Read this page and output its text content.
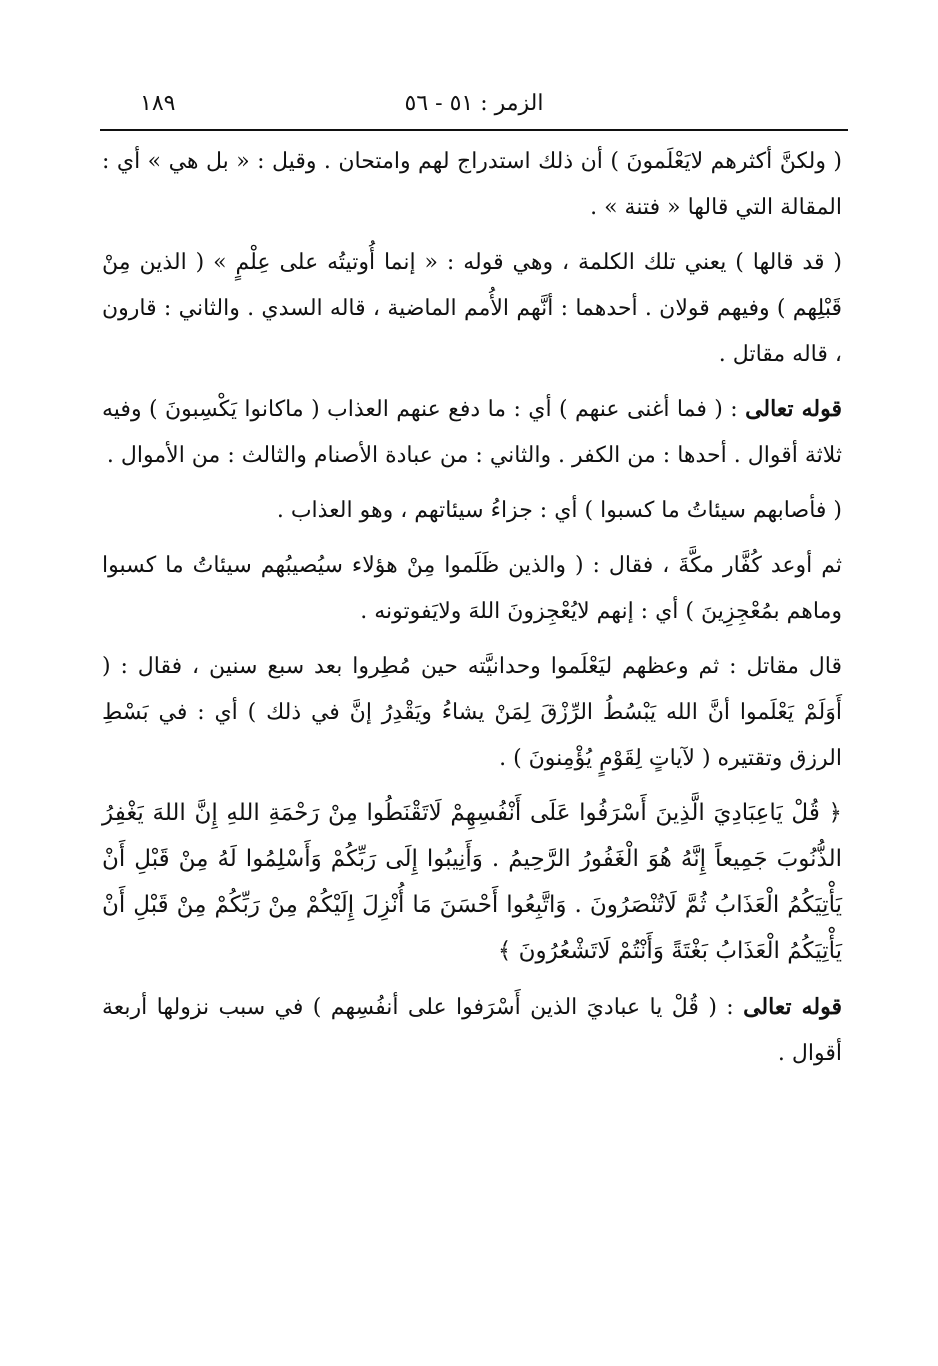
الزمر : ٥١ - ٥٦
١٨٩

( ولكنَّ أكثرهم لايَعْلَمونَ ) أن ذلك استدراج لهم وامتحان . وقيل : « بل هي » أي : المقالة التي قالها « فتنة » .

( قد قالها ) يعني تلك الكلمة ، وهي قوله : « إنما أُوتيتُه على عِلْمٍ » ( الذين مِنْ قَبْلِهم ) وفيهم قولان . أحدهما : أنَّهم الأُمم الماضية ، قاله السدي . والثاني : قارون ، قاله مقاتل .

قوله تعالى : ( فما أغنى عنهم ) أي : ما دفع عنهم العذاب ( ماكانوا يَكْسِبونَ ) وفيه ثلاثة أقوال . أحدها : من الكفر . والثاني : من عبادة الأصنام والثالث : من الأموال .

( فأصابهم سيئاتُ ما كسبوا ) أي : جزاءُ سيئاتهم ، وهو العذاب .

ثم أوعد كُفَّار مكَّةَ ، فقال : ( والذين ظَلَموا مِنْ هؤلاء سيُصيبُهم سيئاتُ ما كسبوا وماهم بمُعْجِزِينَ ) أي : إنهم لايُعْجِزونَ اللهَ ولايَفوتونه .

قال مقاتل : ثم وعظهم ليَعْلَموا وحدانيَّته حين مُطِروا بعد سبع سنين ، فقال : ( أَوَلَمْ يَعْلَموا أنَّ الله يَبْسُطُ الرِّزْقَ لِمَنْ يشاءُ ويَقْدِرُ إنَّ في ذلك ) أي : في بَسْطِ الرزق وتقتيره ( لآياتٍ لِقَوْمٍ يُؤْمِنونَ ) .

﴿ قُلْ يَاعِبَادِيَ الَّذِينَ أَسْرَفُوا عَلَى أَنْفُسِهِمْ لَاتَقْنَطُوا مِنْ رَحْمَةِ اللهِ إِنَّ اللهَ يَغْفِرُ الذُّنُوبَ جَمِيعاً إِنَّهُ هُوَ الْغَفُورُ الرَّحِيمُ . وَأَنِيبُوا إِلَى رَبِّكُمْ وَأَسْلِمُوا لَهُ مِنْ قَبْلِ أَنْ يَأْتِيَكُمُ الْعَذَابُ ثُمَّ لَاتُنْصَرُونَ . وَاتَّبِعُوا أَحْسَنَ مَا أُنْزِلَ إِلَيْكُمْ مِنْ رَبِّكُمْ مِنْ قَبْلِ أَنْ يَأْتِيَكُمُ الْعَذَابُ بَغْتَةً وَأَنْتُمْ لَاتَشْعُرُونَ ﴾

قوله تعالى : ( قُلْ يا عباديَ الذين أَسْرَفوا على أنفُسِهم ) في سبب نزولها أربعة أقوال .
